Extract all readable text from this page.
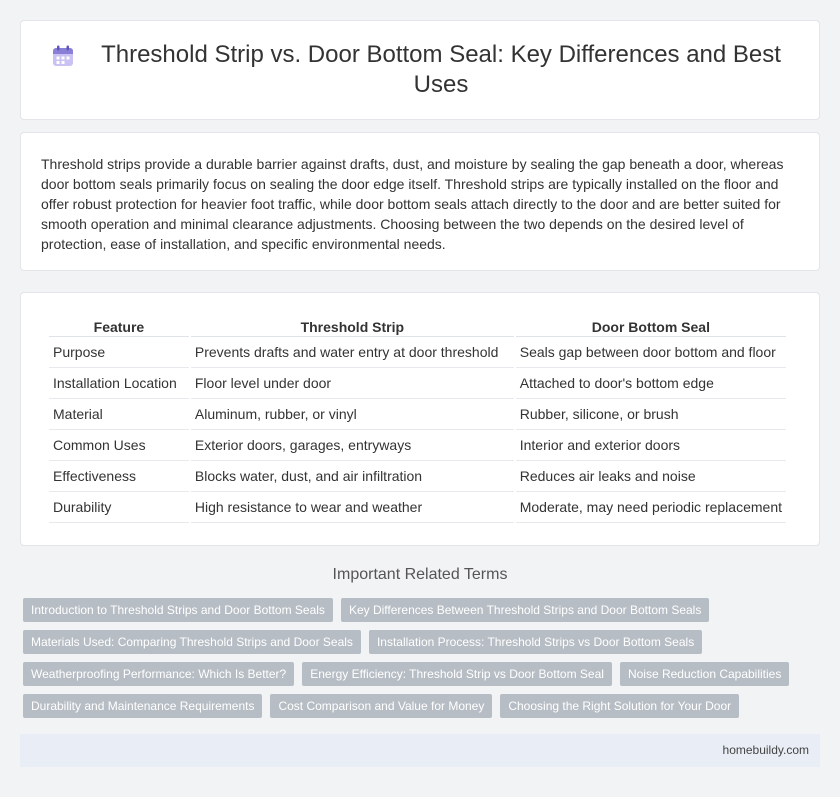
Threshold Strip vs. Door Bottom Seal: Key Differences and Best Uses

Threshold strips provide a durable barrier against drafts, dust, and moisture by sealing the gap beneath a door, whereas door bottom seals primarily focus on sealing the door edge itself. Threshold strips are typically installed on the floor and offer robust protection for heavier foot traffic, while door bottom seals attach directly to the door and are better suited for smooth operation and minimal clearance adjustments. Choosing between the two depends on the desired level of protection, ease of installation, and specific environmental needs.

Feature	Threshold Strip	Door Bottom Seal
Purpose	Prevents drafts and water entry at door threshold	Seals gap between door bottom and floor
Installation Location	Floor level under door	Attached to door's bottom edge
Material	Aluminum, rubber, or vinyl	Rubber, silicone, or brush
Common Uses	Exterior doors, garages, entryways	Interior and exterior doors
Effectiveness	Blocks water, dust, and air infiltration	Reduces air leaks and noise
Durability	High resistance to wear and weather	Moderate, may need periodic replacement
Important Related Terms
Introduction to Threshold Strips and Door Bottom Seals	Key Differences Between Threshold Strips and Door Bottom Seals
Materials Used: Comparing Threshold Strips and Door Seals	Installation Process: Threshold Strips vs Door Bottom Seals
Weatherproofing Performance: Which Is Better?	Energy Efficiency: Threshold Strip vs Door Bottom Seal	Noise Reduction Capabilities
Durability and Maintenance Requirements	Cost Comparison and Value for Money	Choosing the Right Solution for Your Door
homebuildy.com
